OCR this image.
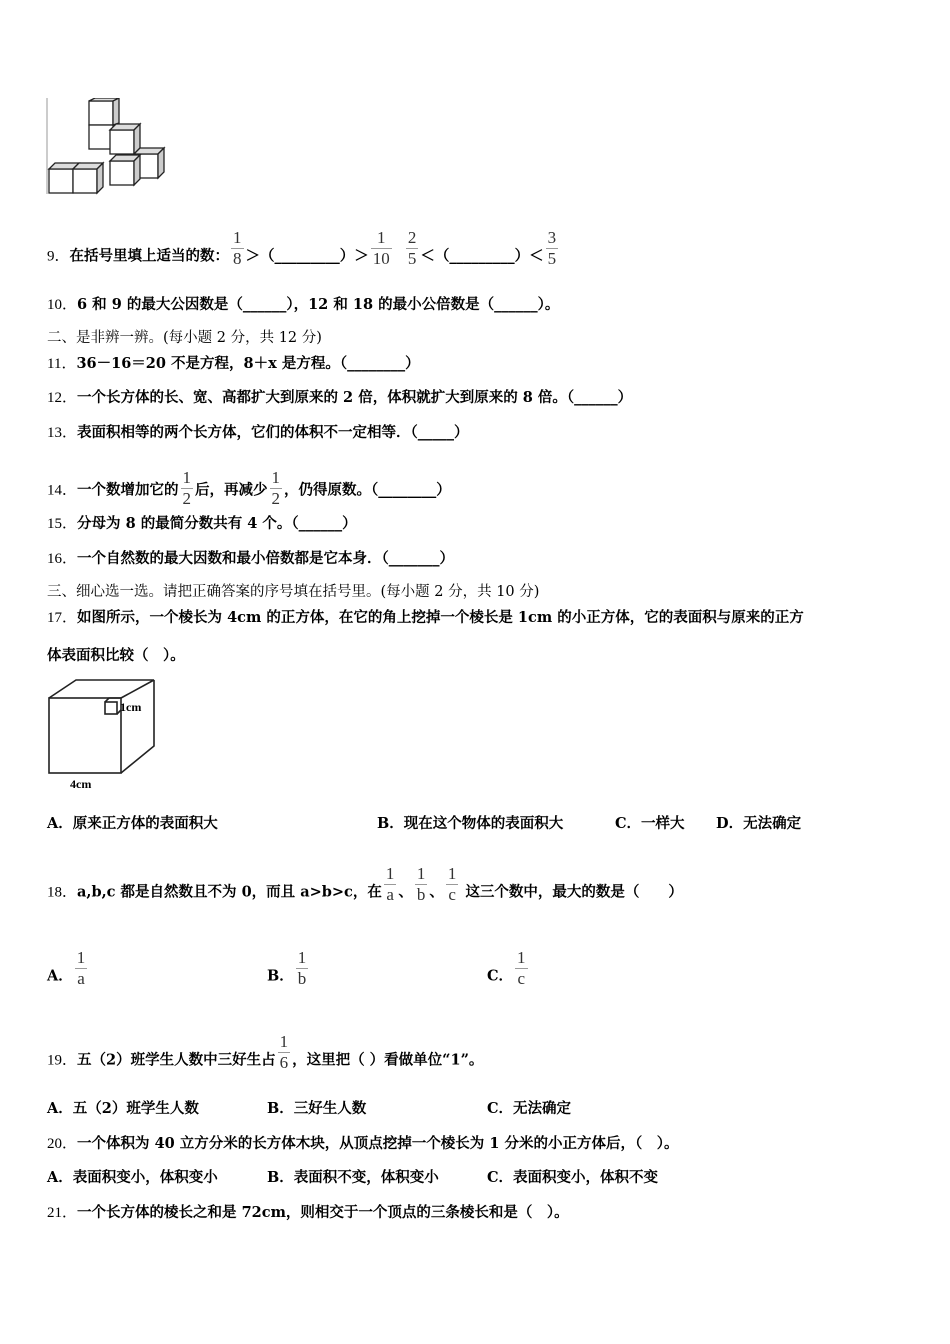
9．在括号里填上适当的数： $\frac{1}{8}$ ＞（_________）＞ $\frac{1}{10}$
$\frac{2}{5}$ ＜（_________）＜ $\frac{3}{5}$
10．6 和 9 的最大公因数是（______），12 和 18 的最小公倍数是（______）。
二、是非辨一辨。(每小题 2 分，共 12 分)
11．36－16＝20 不是方程，8＋x 是方程。（________）
12．一个长方体的长、宽、高都扩大到原来的 2 倍，体积就扩大到原来的 8 倍。（______）
13．表面积相等的两个长方体，它们的体积不一定相等．（_____）
14．一个数增加它的 $\frac{1}{2}$ 后，再减少 $\frac{1}{2}$ ，仍得原数。（________）
15．分母为 8 的最简分数共有 4 个。（______）
16．一个自然数的最大因数和最小倍数都是它本身．（_______）
三、细心选一选。请把正确答案的序号填在括号里。(每小题 2 分，共 10 分)
17．如图所示，一个棱长为 4cm 的正方体，在它的角上挖掉一个棱长是 1cm 的小正方体，它的表面积与原来的正方
体表面积比较（　）。
1cm
4cm
A．原来正方体的表面积大	B．现在这个物体的表面积大	C．一样大 D．无法确定
18．a,b,c 都是自然数且不为 0，而且 a>b>c，在 $\frac{1}{a}$ 、 $\frac{1}{b}$ 、 $\frac{1}{c}$ 这三个数中，最大的数是（　　）
A． $\frac{1}{a}$	B． $\frac{1}{b}$	C． $\frac{1}{c}$
19．五（2）班学生人数中三好生占 $\frac{1}{6}$ ，这里把（ ）看做单位“1”。
A．五（2）班学生人数	B．三好生人数	C．无法确定
20．一个体积为 40 立方分米的长方体木块，从顶点挖掉一个棱长为 1 分米的小正方体后，（　）。
A．表面积变小，体积变小	B．表面积不变，体积变小	C．表面积变小，体积不变
21．一个长方体的棱长之和是 72cm，则相交于一个顶点的三条棱长和是（　）。
